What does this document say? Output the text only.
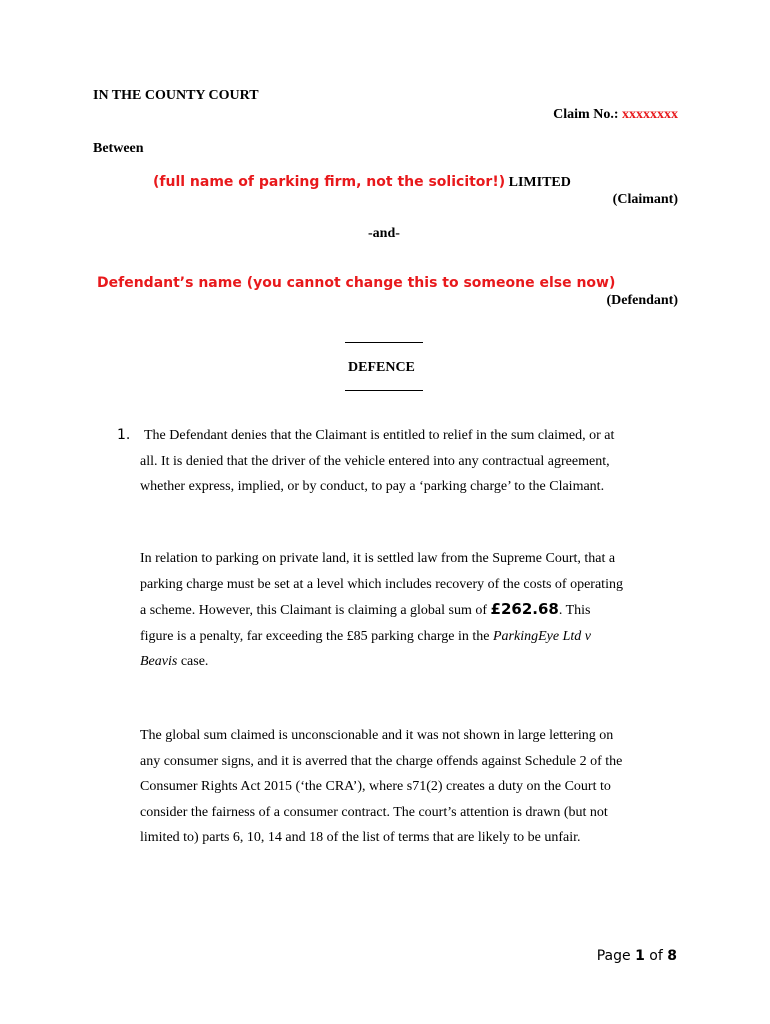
IN THE COUNTY COURT
Claim No.: xxxxxxxx
Between
(full name of parking firm, not the solicitor!) LIMITED
(Claimant)
-and-
Defendant’s name (you cannot change this to someone else now)
(Defendant)
DEFENCE
1. The Defendant denies that the Claimant is entitled to relief in the sum claimed, or at
all. It is denied that the driver of the vehicle entered into any contractual agreement,
whether express, implied, or by conduct, to pay a ‘parking charge’ to the Claimant.
In relation to parking on private land, it is settled law from the Supreme Court, that a
parking charge must be set at a level which includes recovery of the costs of operating
a scheme. However, this Claimant is claiming a global sum of £262.68. This
figure is a penalty, far exceeding the £85 parking charge in the ParkingEye Ltd v
Beavis case.
The global sum claimed is unconscionable and it was not shown in large lettering on
any consumer signs, and it is averred that the charge offends against Schedule 2 of the
Consumer Rights Act 2015 (‘the CRA’), where s71(2) creates a duty on the Court to
consider the fairness of a consumer contract. The court’s attention is drawn (but not
limited to) parts 6, 10, 14 and 18 of the list of terms that are likely to be unfair.
Page 1 of 8
